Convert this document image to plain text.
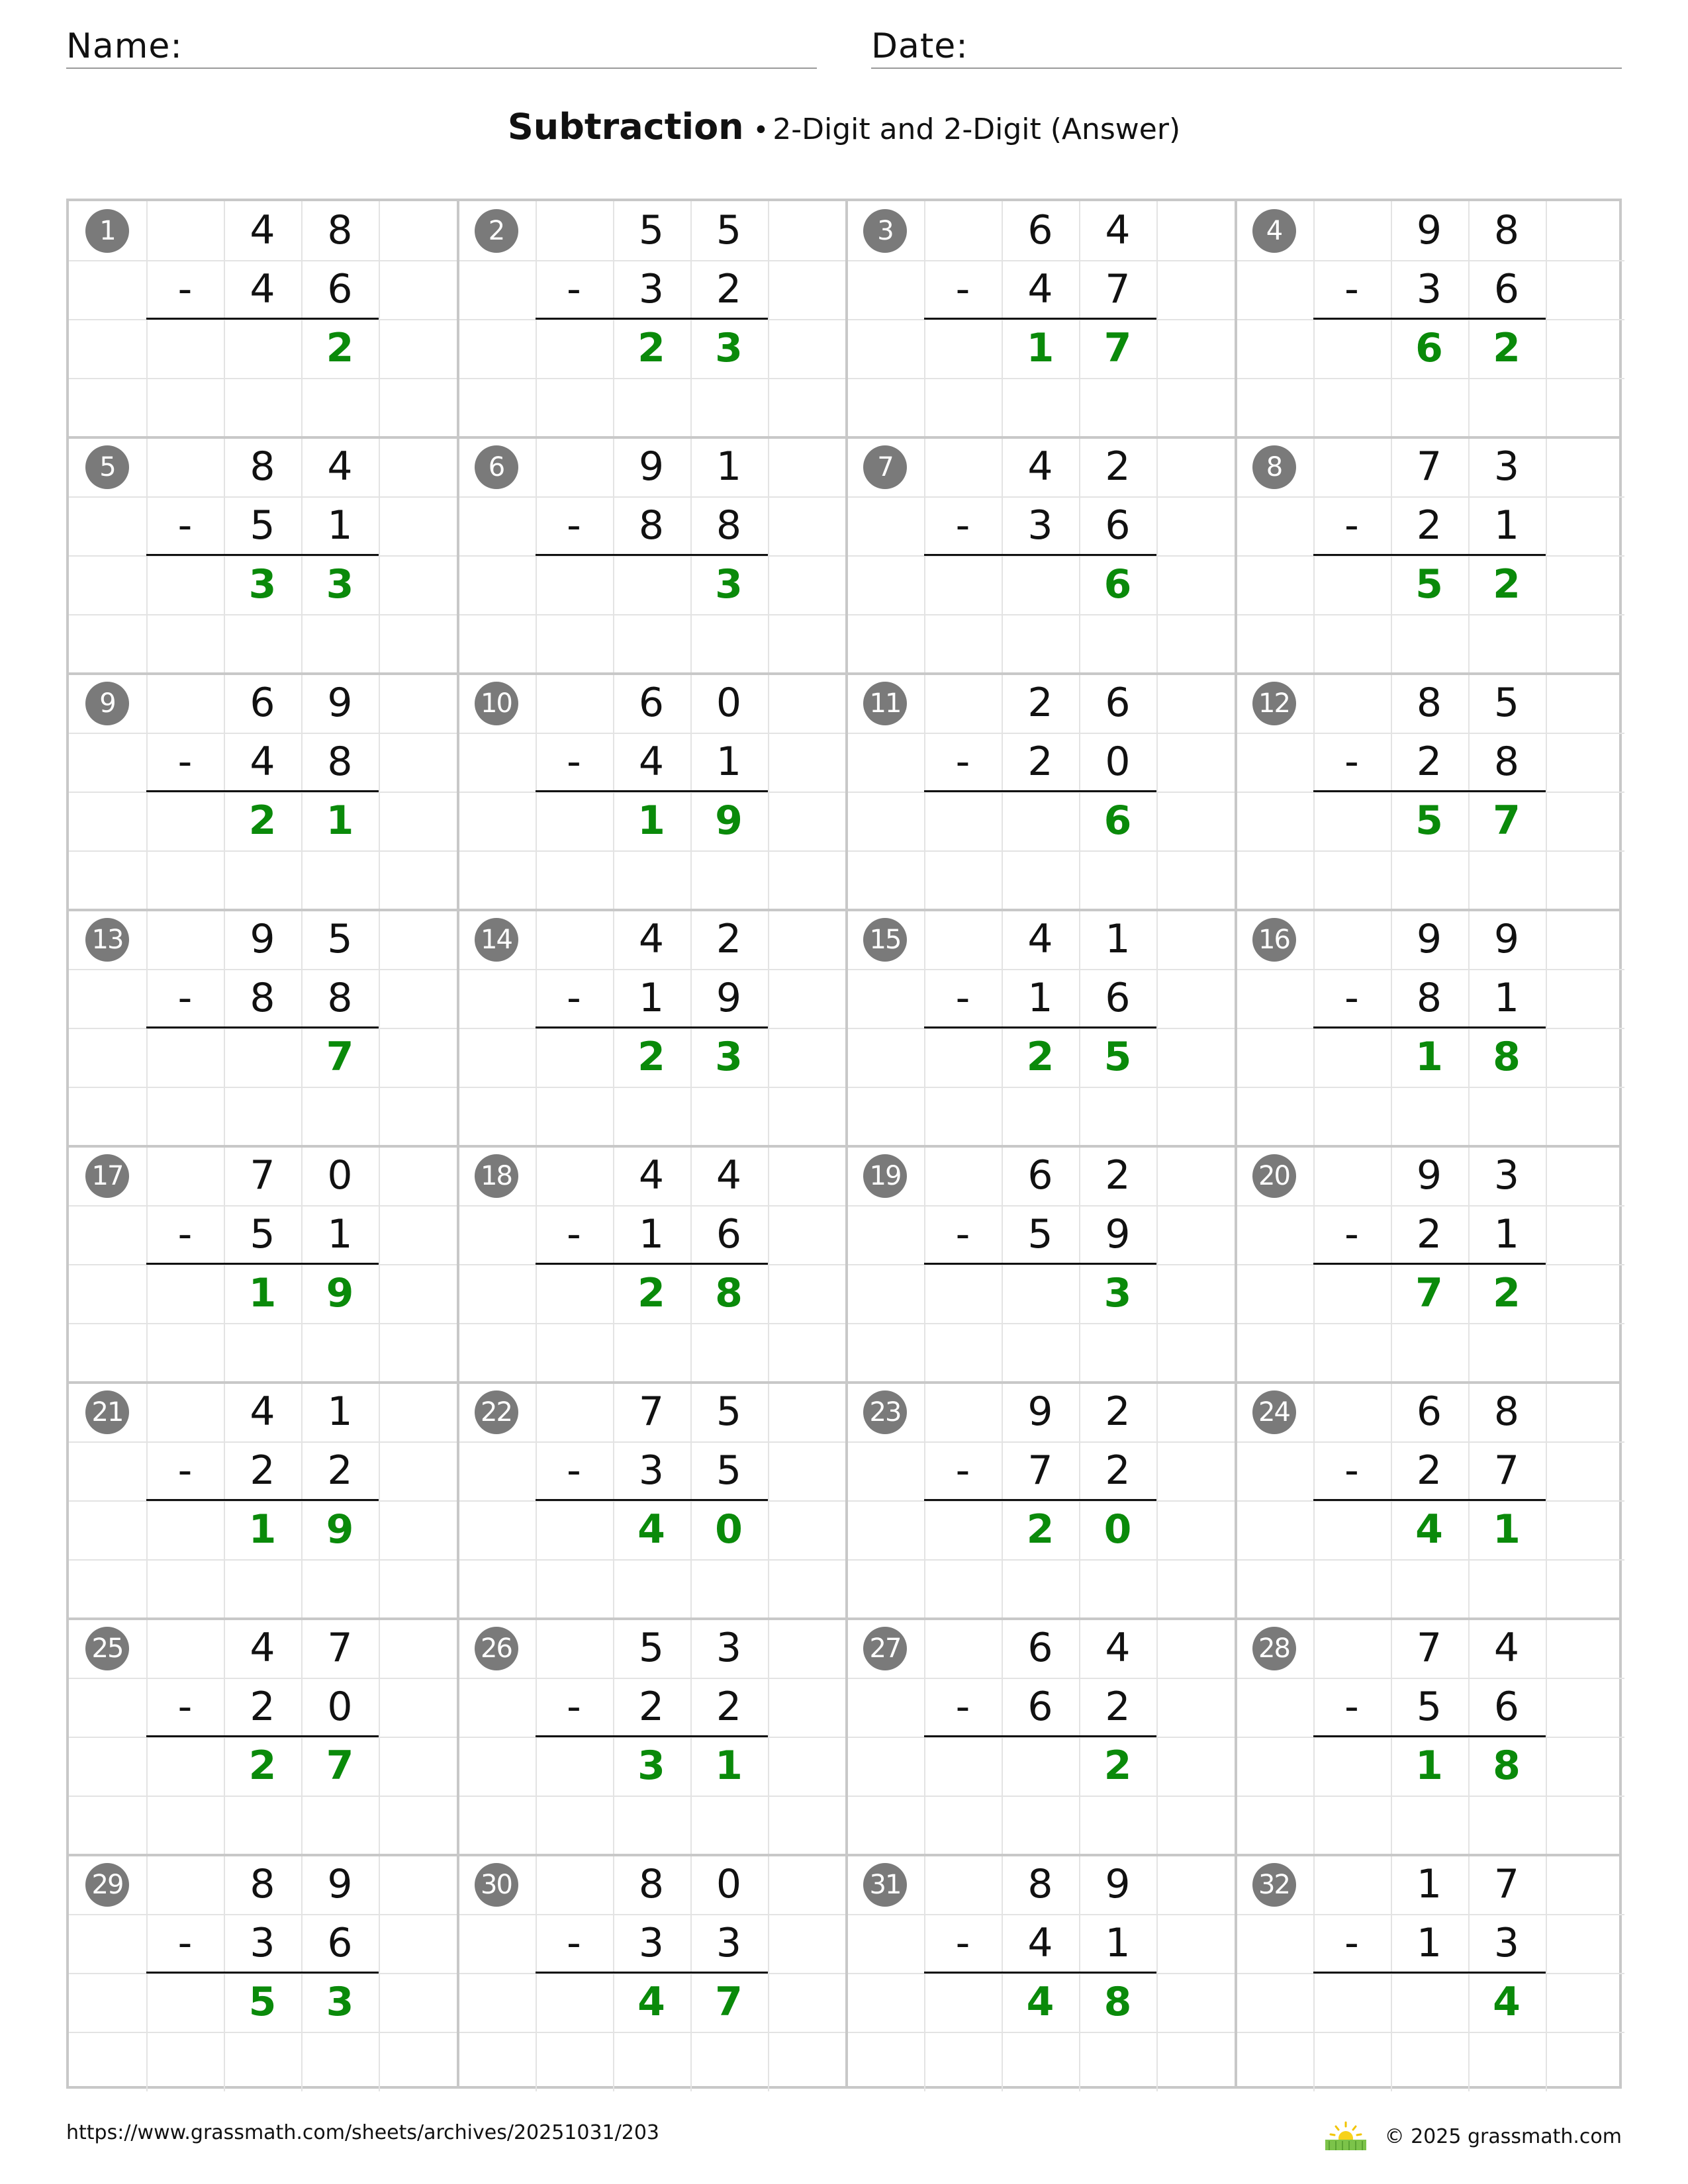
Name:	Date:
Subtraction • 2-Digit and 2-Digit (Answer)
1	4	8
-	4	6
2
2	5	5
-	3	2
2	3
3	6	4
-	4	7
1	7
4	9	8
-	3	6
6	2
5	8	4
-	5	1
3	3
6	9	1
-	8	8
3
7	4	2
-	3	6
6
8	7	3
-	2	1
5	2
9	6	9
-	4	8
2	1
10	6	0
-	4	1
1	9
11	2	6
-	2	0
6
12	8	5
-	2	8
5	7
13	9	5
-	8	8
7
14	4	2
-	1	9
2	3
15	4	1
-	1	6
2	5
16	9	9
-	8	1
1	8
17	7	0
-	5	1
1	9
18	4	4
-	1	6
2	8
19	6	2
-	5	9
3
20	9	3
-	2	1
7	2
21	4	1
-	2	2
1	9
22	7	5
-	3	5
4	0
23	9	2
-	7	2
2	0
24	6	8
-	2	7
4	1
25	4	7
-	2	0
2	7
26	5	3
-	2	2
3	1
27	6	4
-	6	2
2
28	7	4
-	5	6
1	8
29	8	9
-	3	6
5	3
30	8	0
-	3	3
4	7
31	8	9
-	4	1
4	8
32	1	7
-	1	3
4
https://www.grassmath.com/sheets/archives/20251031/203	© 2025 grassmath.com
